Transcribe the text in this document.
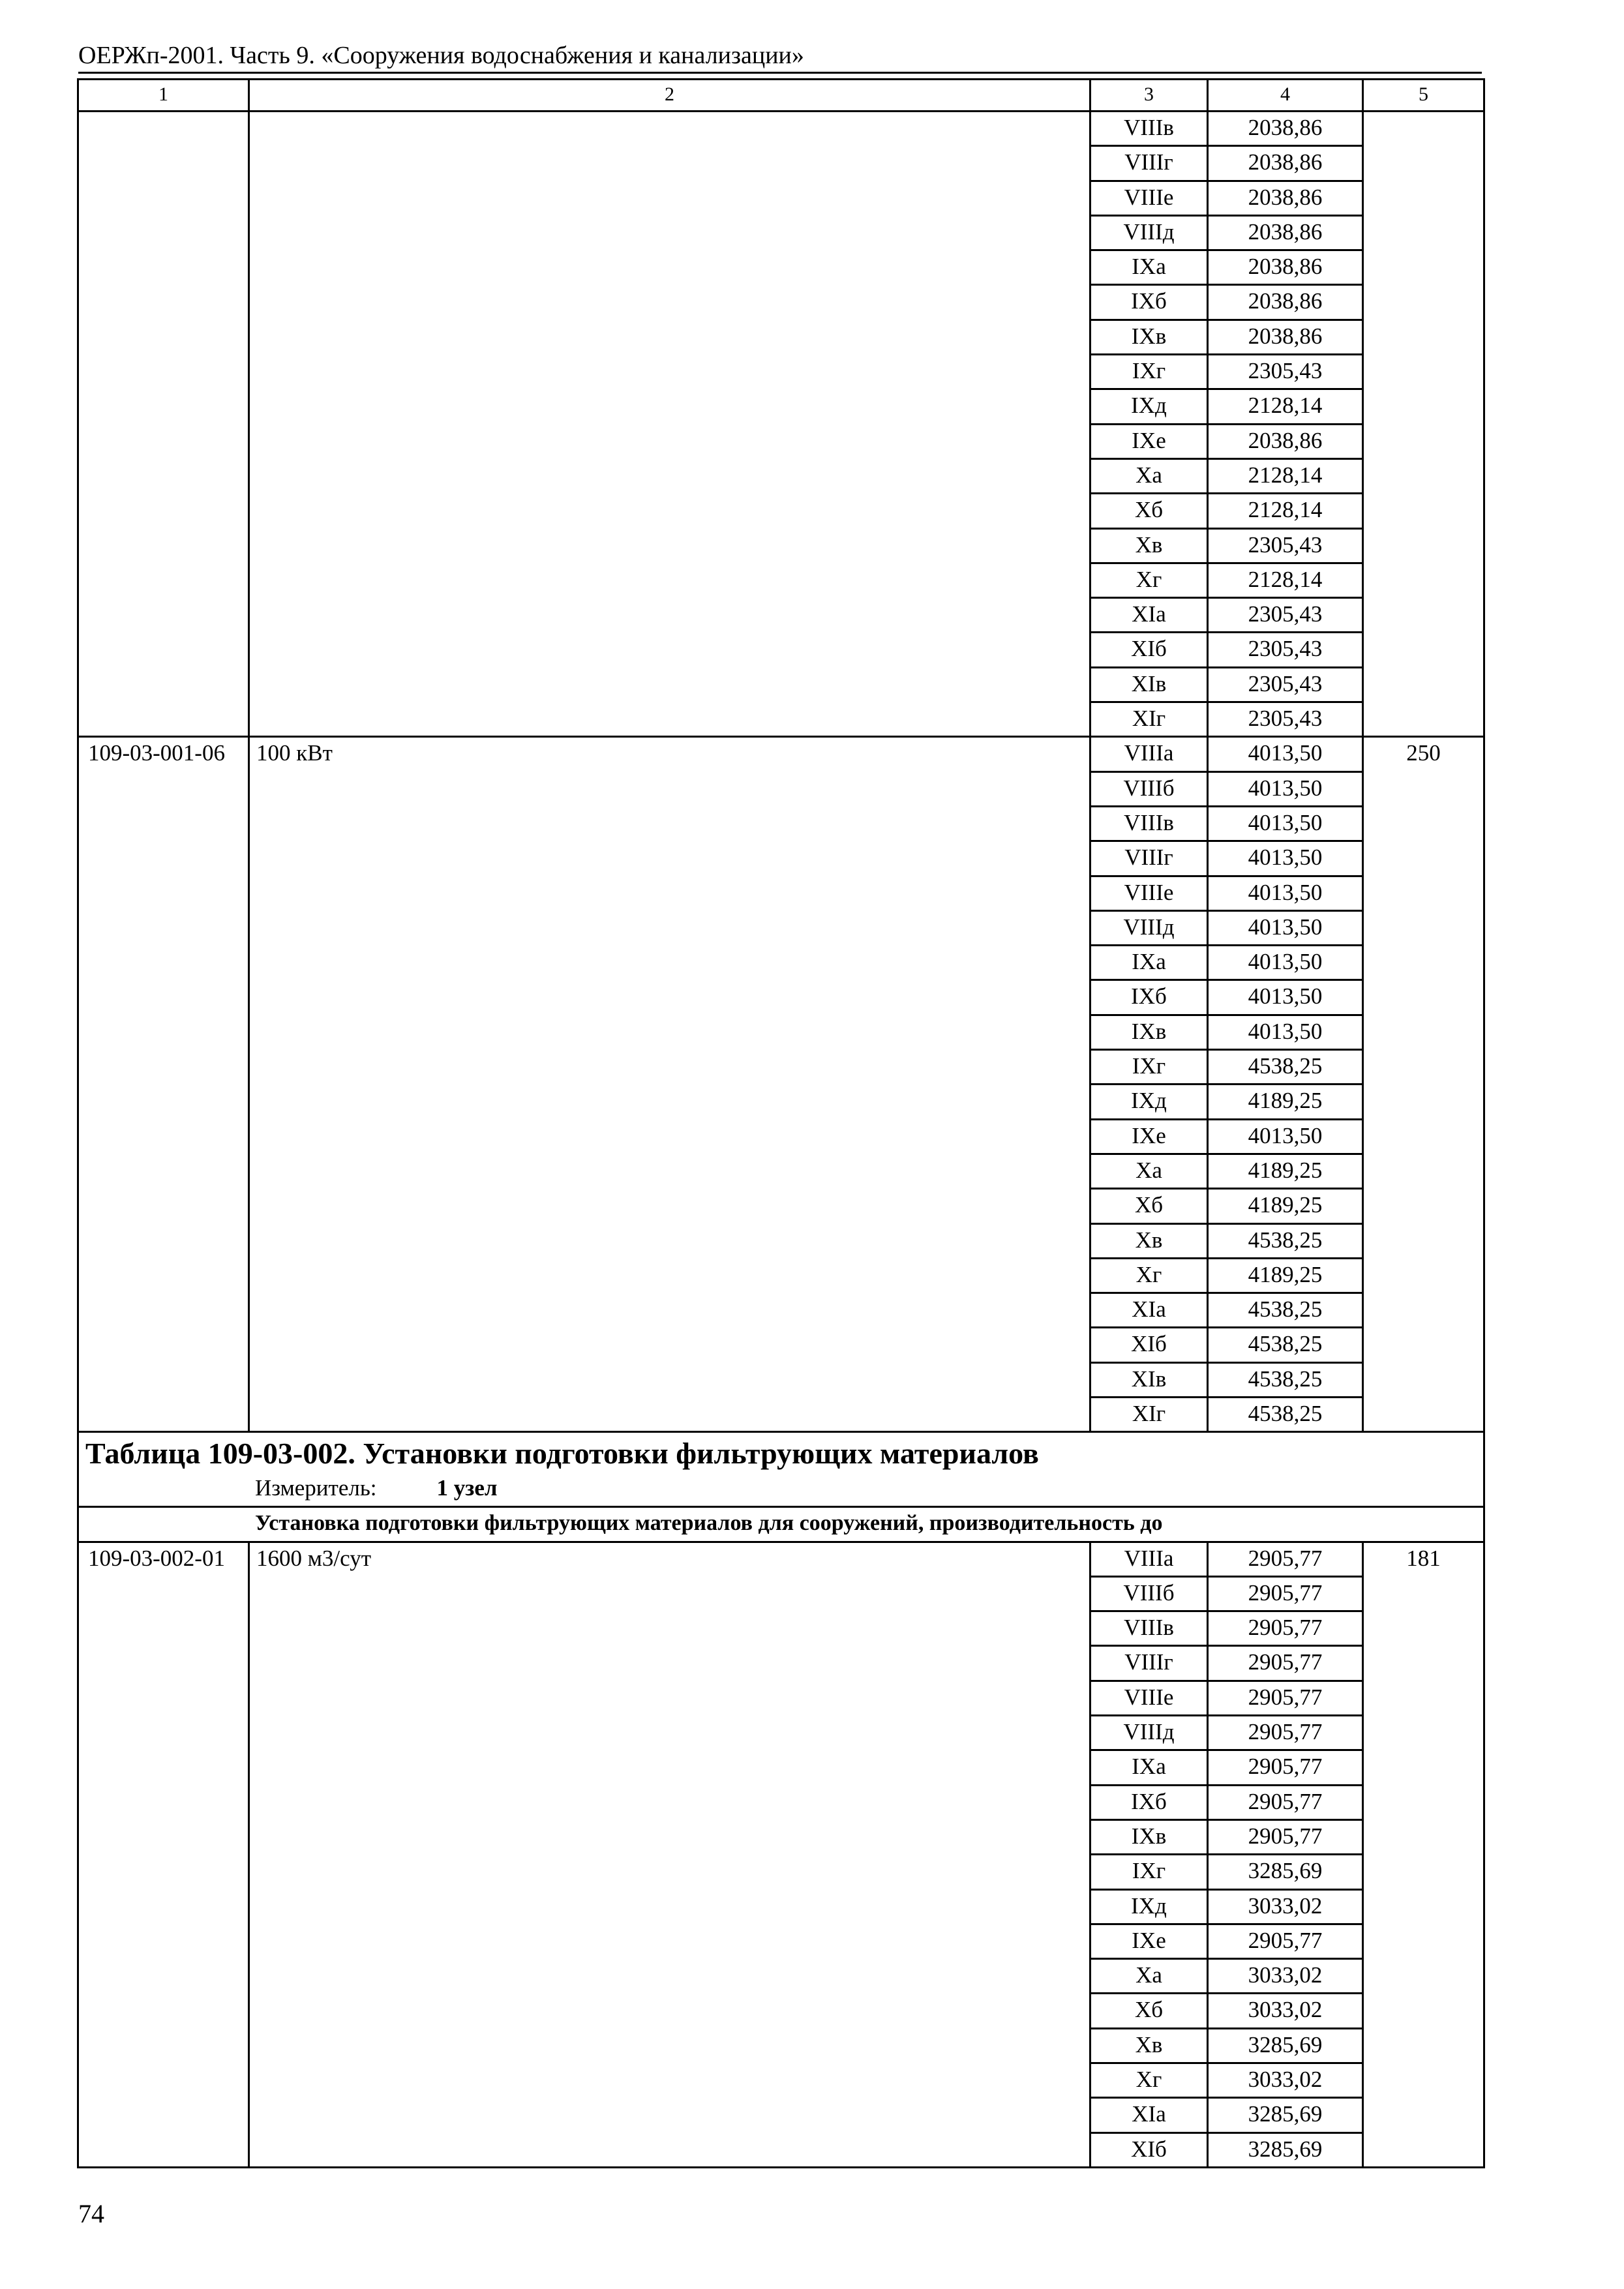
ОЕРЖп-2001. Часть 9. «Сооружения водоснабжения и канализации»
1	2	3	4	5
		VIIIв	2038,86	
		VIIIг	2038,86	
		VIIIе	2038,86	
		VIIIд	2038,86	
		IXа	2038,86	
		IXб	2038,86	
		IXв	2038,86	
		IXг	2305,43	
		IXд	2128,14	
		IXе	2038,86	
		Xа	2128,14	
		Xб	2128,14	
		Xв	2305,43	
		Xг	2128,14	
		XIа	2305,43	
		XIб	2305,43	
		XIв	2305,43	
		XIг	2305,43	
109-03-001-06	100 кВт	VIIIа	4013,50	250
		VIIIб	4013,50	
		VIIIв	4013,50	
		VIIIг	4013,50	
		VIIIе	4013,50	
		VIIIд	4013,50	
		IXа	4013,50	
		IXб	4013,50	
		IXв	4013,50	
		IXг	4538,25	
		IXд	4189,25	
		IXе	4013,50	
		Xа	4189,25	
		Xб	4189,25	
		Xв	4538,25	
		Xг	4189,25	
		XIа	4538,25	
		XIб	4538,25	
		XIв	4538,25	
		XIг	4538,25	

Таблица 109-03-002. Установки подготовки фильтрующих материалов
Измеритель: 1 узел				

Установка подготовки фильтрующих материалов для сооружений, производительность до				
109-03-002-01	1600 м3/сут	VIIIа	2905,77	181
		VIIIб	2905,77	
		VIIIв	2905,77	
		VIIIг	2905,77	
		VIIIе	2905,77	
		VIIIд	2905,77	
		IXа	2905,77	
		IXб	2905,77	
		IXв	2905,77	
		IXг	3285,69	
		IXд	3033,02	
		IXе	2905,77	
		Xа	3033,02	
		Xб	3033,02	
		Xв	3285,69	
		Xг	3033,02	
		XIа	3285,69	
		XIб	3285,69	
74
